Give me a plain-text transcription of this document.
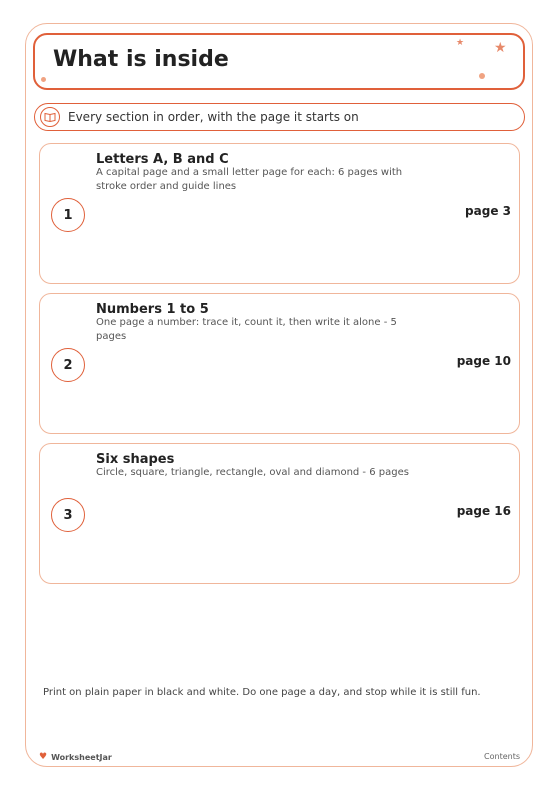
What is inside
★ ★
Every section in order, with the page it starts on
1
Letters A, B and C
A capital page and a small letter page for each: 6 pages with stroke order and guide lines
page 3
2
Numbers 1 to 5
One page a number: trace it, count it, then write it alone - 5 pages
page 10
3
Six shapes
Circle, square, triangle, rectangle, oval and diamond - 6 pages
page 16
Print on plain paper in black and white. Do one page a day, and stop while it is still fun.
♥ WorksheetJar	Contents
